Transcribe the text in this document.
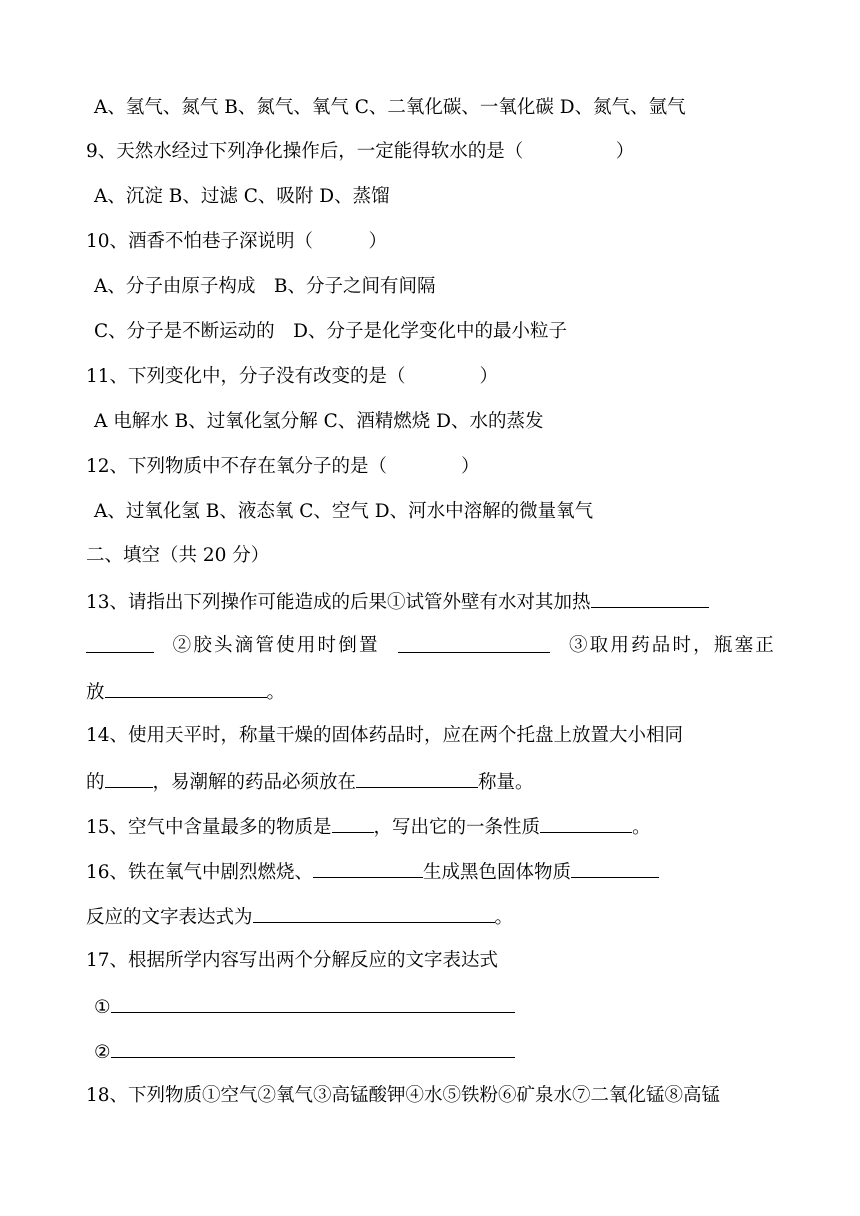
A、氢气、氮气 B、氮气、氧气 C、二氧化碳、一氧化碳 D、氮气、氩气
9、天然水经过下列净化操作后，一定能得软水的是（　　　　　）
A、沉淀 B、过滤 C、吸附 D、蒸馏
10、酒香不怕巷子深说明（　　　）
A、分子由原子构成　B、分子之间有间隔
C、分子是不断运动的　D、分子是化学变化中的最小粒子
11、下列变化中，分子没有改变的是（　　　　）
A 电解水 B、过氧化氢分解 C、酒精燃烧 D、水的蒸发
12、下列物质中不存在氧分子的是（　　　　）
A、过氧化氢 B、液态氧 C、空气 D、河水中溶解的微量氧气
二、填空（共 20 分）
13、请指出下列操作可能造成的后果①试管外壁有水对其加热
②胶头滴管使用时倒置	③取用药品时，瓶塞正
放	。
14、使用天平时，称量干燥的固体药品时，应在两个托盘上放置大小相同
的	，易潮解的药品必须放在	称量。
15、空气中含量最多的物质是 ，写出它的一条性质	。
16、铁在氧气中剧烈燃烧、	生成黑色固体物质
反应的文字表达式为	。
17、根据所学内容写出两个分解反应的文字表达式
①
②
18、下列物质①空气②氧气③高锰酸钾④水⑤铁粉⑥矿泉水⑦二氧化锰⑧高锰
